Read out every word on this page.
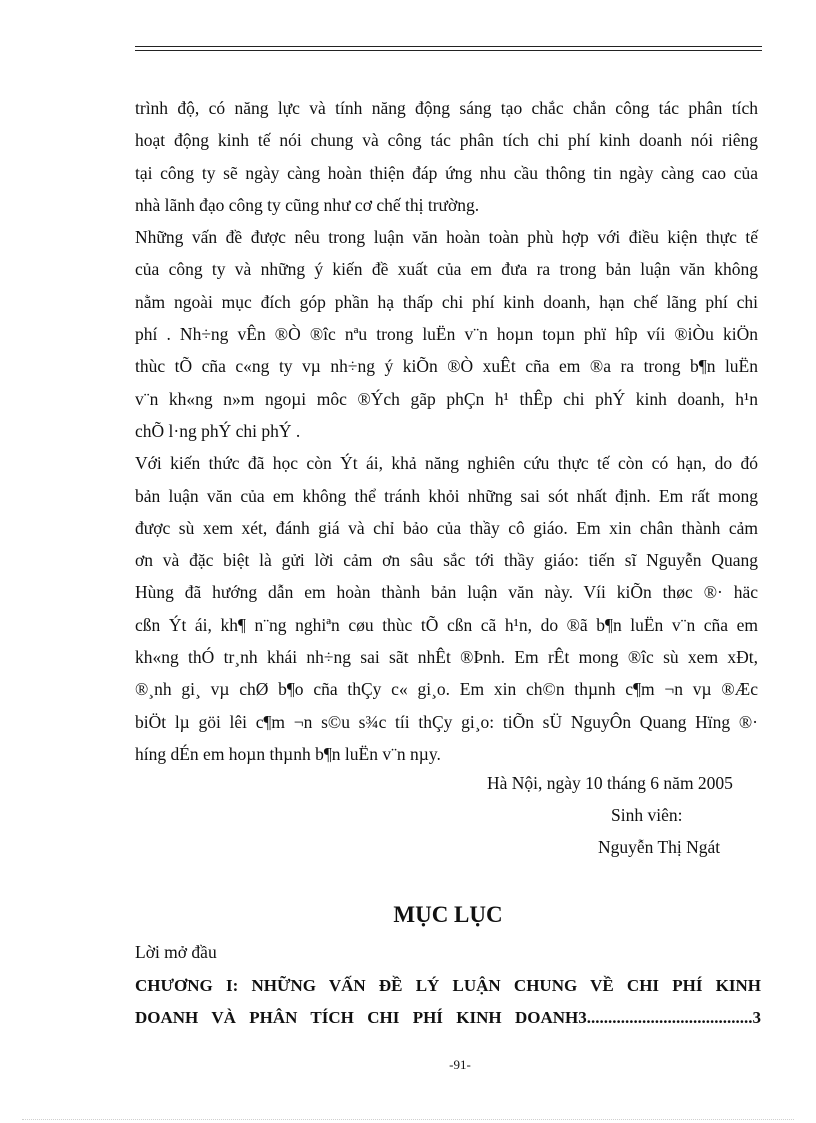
trình độ, có năng lực và tính năng động sáng tạo chắc chắn công tác phân tích
hoạt động kinh tế nói chung và công tác phân tích chi phí kinh doanh nói riêng
tại công ty sẽ ngày càng hoàn thiện đáp ứng nhu cầu thông tin ngày càng cao của
nhà lãnh đạo công ty cũng như cơ chế thị trường.

Những vấn đề được nêu trong luận văn hoàn toàn phù hợp với điều kiện thực tế
của công ty và những ý kiến đề xuất của em đưa ra trong bản luận văn không
nằm ngoài mục đích góp phần hạ thấp chi phí kinh doanh, hạn chế lãng phí chi
phí . Nh÷ng vÊn ®Ò ®îc nªu trong luËn v¨n hoµn toµn phï hîp víi ®iÒu kiÖn
thùc tÕ cña c«ng ty vµ nh÷ng ý kiÕn ®Ò xuÊt cña em ®a ra trong b¶n luËn
v¨n kh«ng n»m ngoµi môc ®Ých gãp phÇn h¹ thÊp chi phÝ kinh doanh, h¹n
chÕ l·ng phÝ chi phÝ .

Với kiến thức đã học còn Ýt ái, khả năng nghiên cứu thực tế còn có hạn, do đó
bản luận văn của em không thể tránh khỏi những sai sót nhất định. Em rất mong
được sù xem xét, đánh giá và chỉ bảo của thầy cô giáo. Em xin chân thành cảm
ơn và đặc biệt là gửi lời cảm ơn sâu sắc tới thầy giáo: tiến sĩ Nguyễn Quang
Hùng đã hướng dẫn em hoàn thành bản luận văn này. Víi kiÕn thøc ®· häc
cßn Ýt ái, kh¶ n¨ng nghiªn cøu thùc tÕ cßn cã h¹n, do ®ã b¶n luËn v¨n cña em
kh«ng thÓ tr¸nh khái nh÷ng sai sãt nhÊt ®Þnh. Em rÊt mong ®îc sù xem xÐt,
®¸nh gi¸ vµ chØ b¶o cña thÇy c« gi¸o. Em xin ch©n thµnh c¶m ¬n vµ ®Æc
biÖt lµ göi lêi c¶m ¬n s©u s¾c tíi thÇy gi¸o: tiÕn sÜ NguyÔn Quang Hïng ®·
híng dÉn em hoµn thµnh b¶n luËn v¨n nµy.

Hà Nội, ngày 10 tháng 6 năm 2005
Sinh viên:
Nguyễn Thị Ngát
MỤC LỤC
Lời mở đầu
CHƯƠNG I: NHỮNG VẤN ĐỀ LÝ LUẬN CHUNG VỀ CHI PHÍ KINH
DOANH VÀ PHÂN TÍCH CHI PHÍ KINH DOANH3.......................................3
-91-
